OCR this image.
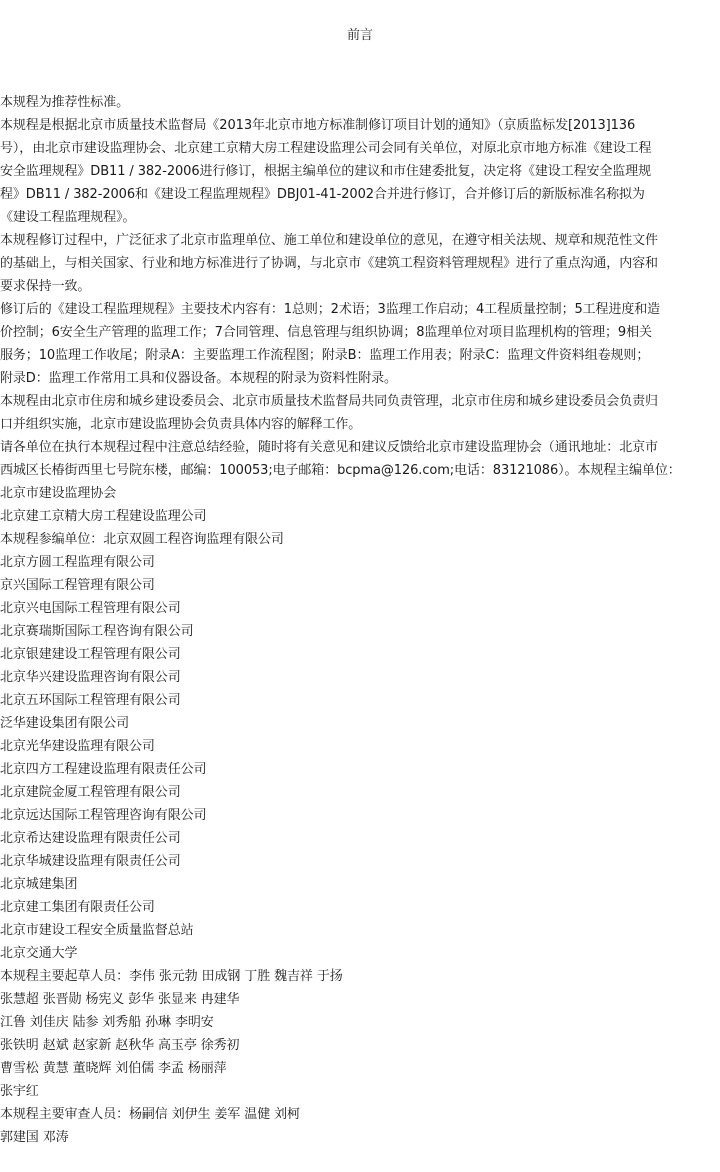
前言

本规程为推荐性标准。

本规程是根据北京市质量技术监督局《2013年北京市地方标准制修订项目计划的通知》（京质监标发[2013]136

号），由北京市建设监理协会、北京建工京精大房工程建设监理公司会同有关单位，对原北京市地方标准《建设工程

安全监理规程》DB11 / 382-2006进行修订，根据主编单位的建议和市住建委批复，决定将《建设工程安全监理规

程》DB11 / 382-2006和《建设工程监理规程》DBJ01-41-2002合并进行修订，合并修订后的新版标准名称拟为

《建设工程监理规程》。

本规程修订过程中，广泛征求了北京市监理单位、施工单位和建设单位的意见，在遵守相关法规、规章和规范性文件

的基础上，与相关国家、行业和地方标准进行了协调，与北京市《建筑工程资料管理规程》进行了重点沟通，内容和

要求保持一致。

修订后的《建设工程监理规程》主要技术内容有：1总则；2术语；3监理工作启动；4工程质量控制；5工程进度和造

价控制；6安全生产管理的监理工作；7合同管理、信息管理与组织协调；8监理单位对项目监理机构的管理；9相关

服务；10监理工作收尾；附录A：主要监理工作流程图；附录B：监理工作用表；附录C：监理文件资料组卷规则；

附录D：监理工作常用工具和仪器设备。本规程的附录为资料性附录。

本规程由北京市住房和城乡建设委员会、北京市质量技术监督局共同负责管理，北京市住房和城乡建设委员会负责归

口并组织实施，北京市建设监理协会负责具体内容的解释工作。

请各单位在执行本规程过程中注意总结经验，随时将有关意见和建议反馈给北京市建设监理协会（通讯地址：北京市

西城区长椿街西里七号院东楼，邮编：100053;电子邮箱：bcpma@126.com;电话：83121086）。本规程主编单位：

北京市建设监理协会

北京建工京精大房工程建设监理公司

本规程参编单位：北京双圆工程咨询监理有限公司

北京方圆工程监理有限公司

京兴国际工程管理有限公司

北京兴电国际工程管理有限公司

北京赛瑞斯国际工程咨询有限公司

北京银建建设工程管理有限公司

北京华兴建设监理咨询有限公司

北京五环国际工程管理有限公司

泛华建设集团有限公司

北京光华建设监理有限公司

北京四方工程建设监理有限责任公司

北京建院金厦工程管理有限公司

北京远达国际工程管理咨询有限公司

北京希达建设监理有限责任公司

北京华城建设监理有限责任公司

北京城建集团

北京建工集团有限责任公司

北京市建设工程安全质量监督总站

北京交通大学

本规程主要起草人员：李伟 张元勃 田成钢 丁胜 魏吉祥 于扬

张慧超 张晋勋 杨宪义 彭华 张显来 冉建华

江鲁 刘佳庆 陆参 刘秀船 孙琳 李明安

张铁明 赵斌 赵家新 赵秋华 高玉亭 徐秀初

曹雪松 黄慧 董晓辉 刘伯儒 李孟 杨丽萍

张宇红

本规程主要审查人员：杨嗣信 刘伊生 姜军 温健 刘柯

郭建国 邓涛
